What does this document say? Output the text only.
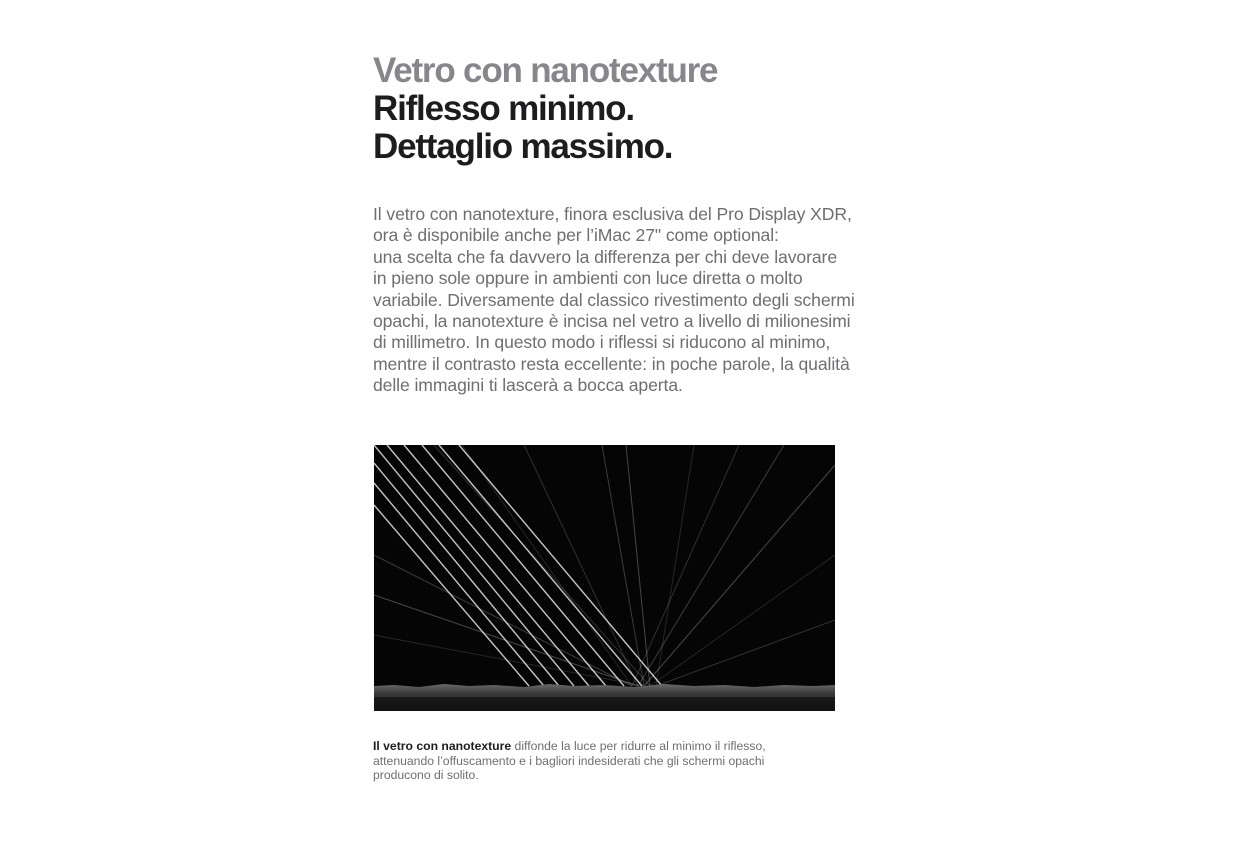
Vetro con nanotexture
Riflesso minimo.
Dettaglio massimo.

Il vetro con nanotexture, finora esclusiva del Pro Display XDR,
ora è disponibile anche per l’iMac 27" come optional:
una scelta che fa davvero la differenza per chi deve lavorare
in pieno sole oppure in ambienti con luce diretta o molto
variabile. Diversamente dal classico rivestimento degli schermi
opachi, la nanotexture è incisa nel vetro a livello di milionesimi
di millimetro. In questo modo i riflessi si riducono al minimo,
mentre il contrasto resta eccellente: in poche parole, la qualità
delle immagini ti lascerà a bocca aperta.

Il vetro con nanotexture diffonde la luce per ridurre al minimo il riflesso,
attenuando l’offuscamento e i bagliori indesiderati che gli schermi opachi
producono di solito.
